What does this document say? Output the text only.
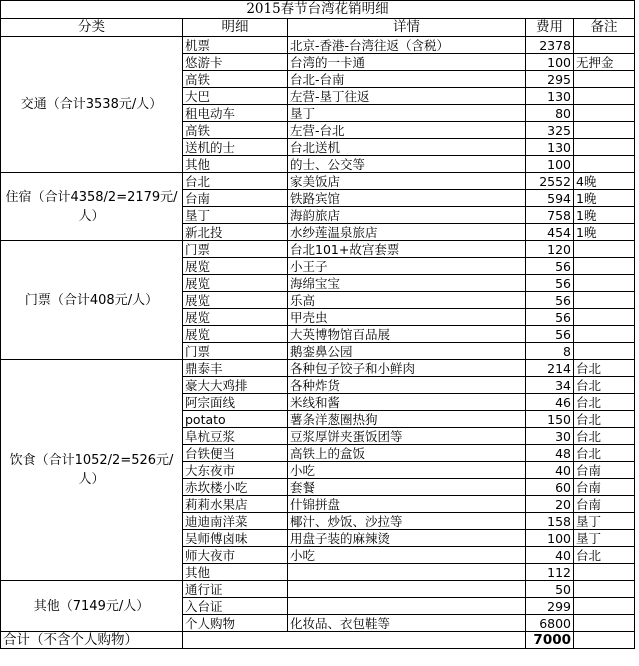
2015春节台湾花销明细				
分类	明细	详情	费用	备注
交通（合计3538元/人）	机票	北京-香港-台湾往返（含税）	2378	
	悠游卡	台湾的一卡通	100	无押金
	高铁	台北-台南	295	
	大巴	左营-垦丁往返	130	
	租电动车	垦丁	80	
	高铁	左营-台北	325	
	送机的士	台北送机	130	
	其他	的士、公交等	100	
住宿（合计4358/2=2179元/人）	台北	家美饭店	2552	4晚
	台南	铁路宾馆	594	1晚
	垦丁	海韵旅店	758	1晚
	新北投	水纱莲温泉旅店	454	1晚
门票（合计408元/人）	门票	台北101+故宫套票	120	
	展览	小王子	56	
	展览	海绵宝宝	56	
	展览	乐高	56	
	展览	甲壳虫	56	
	展览	大英博物馆百品展	56	
	门票	鹅銮鼻公园	8	
饮食（合计1052/2=526元/人）	鼎泰丰	各种包子饺子和小鲜肉	214	台北
	豪大大鸡排	各种炸货	34	台北
	阿宗面线	米线和酱	46	台北
	potato	薯条洋葱圈热狗	150	台北
	阜杭豆浆	豆浆厚饼夹蛋饭团等	30	台北
	台铁便当	高铁上的盒饭	48	台北
	大东夜市	小吃	40	台南
	赤坎楼小吃	套餐	60	台南
	莉莉水果店	什锦拼盘	20	台南
	迪迪南洋菜	椰汁、炒饭、沙拉等	158	垦丁
	吴师傅卤味	用盘子装的麻辣烫	100	垦丁
	师大夜市	小吃	40	台北
	其他		112	
其他（7149元/人）	通行证		50	
	入台证		299	
	个人购物	化妆品、衣包鞋等	6800	
合计（不含个人购物）			7000	
